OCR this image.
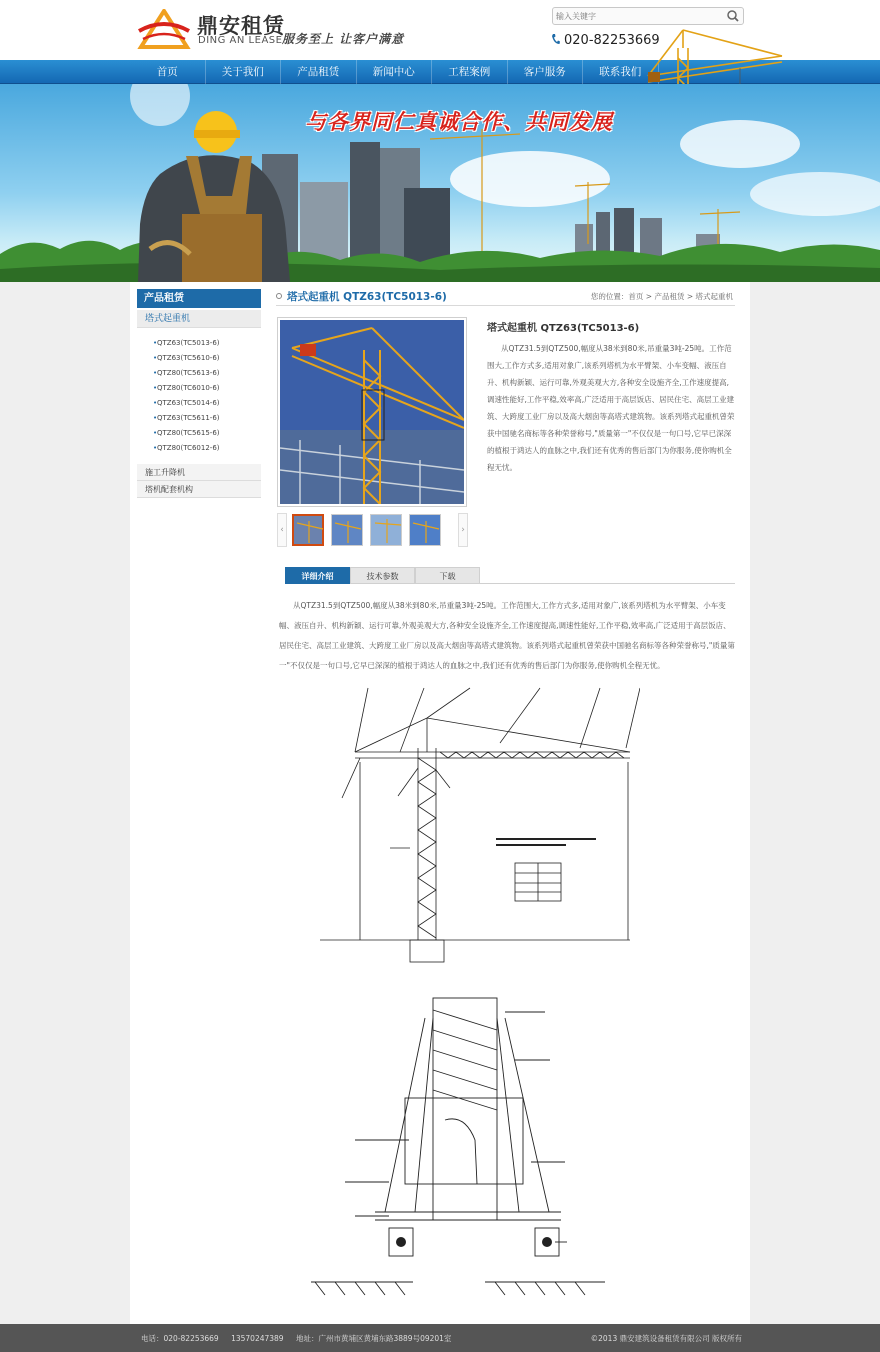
鼎安租赁
DING AN LEASE 服务至上 让客户满意
输入关键字	020-82253669
首页	关于我们	产品租赁	新闻中心	工程案例	客户服务	联系我们
与各界同仁真诚合作、共同发展
产品租赁
塔式起重机
• QTZ63(TC5013-6)
• QTZ63(TC5610-6)
• QTZ80(TC5613-6)
• QTZ80(TC6010-6)
• QTZ63(TC5014-6)
• QTZ63(TC5611-6)
• QTZ80(TC5615-6)
• QTZ80(TC6012-6)
施工升降机
塔机配套机构
塔式起重机 QTZ63(TC5013-6)	您的位置：首页 > 产品租赁 > 塔式起重机
‹	›
塔式起重机 QTZ63(TC5013-6)
从QTZ31.5到QTZ500,幅度从38米到80米,吊重量3吨-25吨。工作范围大,工作方式多,适用对象广,该系列塔机为水平臂架、小车变幅、液压自升、机构新颖、运行可靠,外观美观大方,各种安全设施齐全,工作速度提高,调速性能好,工作平稳,效率高,广泛适用于高层饭店、居民住宅、高层工业建筑、大跨度工业厂房以及高大烟囱等高塔式建筑物。该系列塔式起重机曾荣获中国驰名商标等各种荣誉称号,"质量第一"不仅仅是一句口号,它早已深深的植根于鸿达人的血脉之中,我们还有优秀的售后部门为你服务,使你购机全程无忧。
详细介绍	技术参数	下载
从QTZ31.5到QTZ500,幅度从38米到80米,吊重量3吨-25吨。工作范围大,工作方式多,适用对象广,该系列塔机为水平臂架、小车变幅、液压自升、机构新颖、运行可靠,外观美观大方,各种安全设施齐全,工作速度提高,调速性能好,工作平稳,效率高,广泛适用于高层饭店、居民住宅、高层工业建筑、大跨度工业厂房以及高大烟囱等高塔式建筑物。该系列塔式起重机曾荣获中国驰名商标等各种荣誉称号,"质量第一"不仅仅是一句口号,它早已深深的植根于鸿达人的血脉之中,我们还有优秀的售后部门为你服务,使你购机全程无忧。
电话：020-82253669 13570247389 地址：广州市黄埔区黄埔东路3889号09201室	©2013 鼎安建筑设备租赁有限公司 版权所有
